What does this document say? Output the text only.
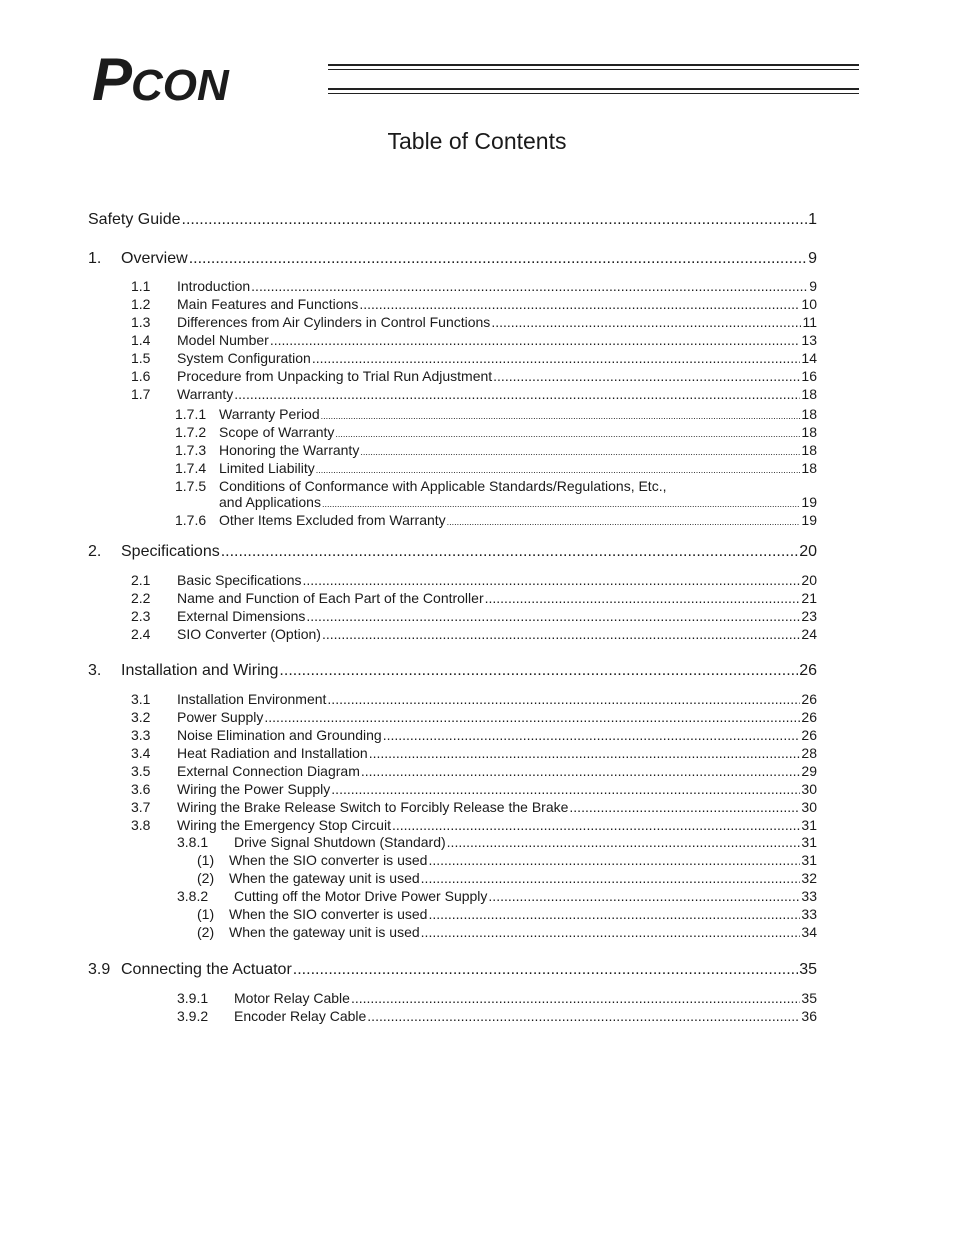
PCON
Table of Contents
Safety Guide .....	1
1.	Overview .....	9
1.1	Introduction .....	9
1.2	Main Features and Functions .....	10
1.3	Differences from Air Cylinders in Control Functions .....	11
1.4	Model Number .....	13
1.5	System Configuration .....	14
1.6	Procedure from Unpacking to Trial Run Adjustment .....	16
1.7	Warranty .....	18
1.7.1 Warranty Period .....	18
1.7.2 Scope of Warranty .....	18
1.7.3 Honoring the Warranty .....	18
1.7.4 Limited Liability .....	18
1.7.5 Conditions of Conformance with Applicable Standards/Regulations, Etc.,
and Applications .....	19
1.7.6 Other Items Excluded from Warranty .....	19
2.	Specifications .....	20
2.1	Basic Specifications .....	20
2.2	Name and Function of Each Part of the Controller .....	21
2.3	External Dimensions .....	23
2.4	SIO Converter (Option) .....	24
3.	Installation and Wiring .....	26
3.1	Installation Environment .....	26
3.2	Power Supply .....	26
3.3	Noise Elimination and Grounding .....	26
3.4	Heat Radiation and Installation .....	28
3.5	External Connection Diagram .....	29
3.6	Wiring the Power Supply .....	30
3.7	Wiring the Brake Release Switch to Forcibly Release the Brake .....	30
3.8	Wiring the Emergency Stop Circuit .....	31
3.8.1	Drive Signal Shutdown (Standard) .....	31
(1)	When the SIO converter is used .....	31
(2)	When the gateway unit is used .....	32
3.8.2	Cutting off the Motor Drive Power Supply .....	33
(1)	When the SIO converter is used .....	33
(2)	When the gateway unit is used .....	34
3.9 Connecting the Actuator .....	35
3.9.1	Motor Relay Cable .....	35
3.9.2	Encoder Relay Cable .....	36
